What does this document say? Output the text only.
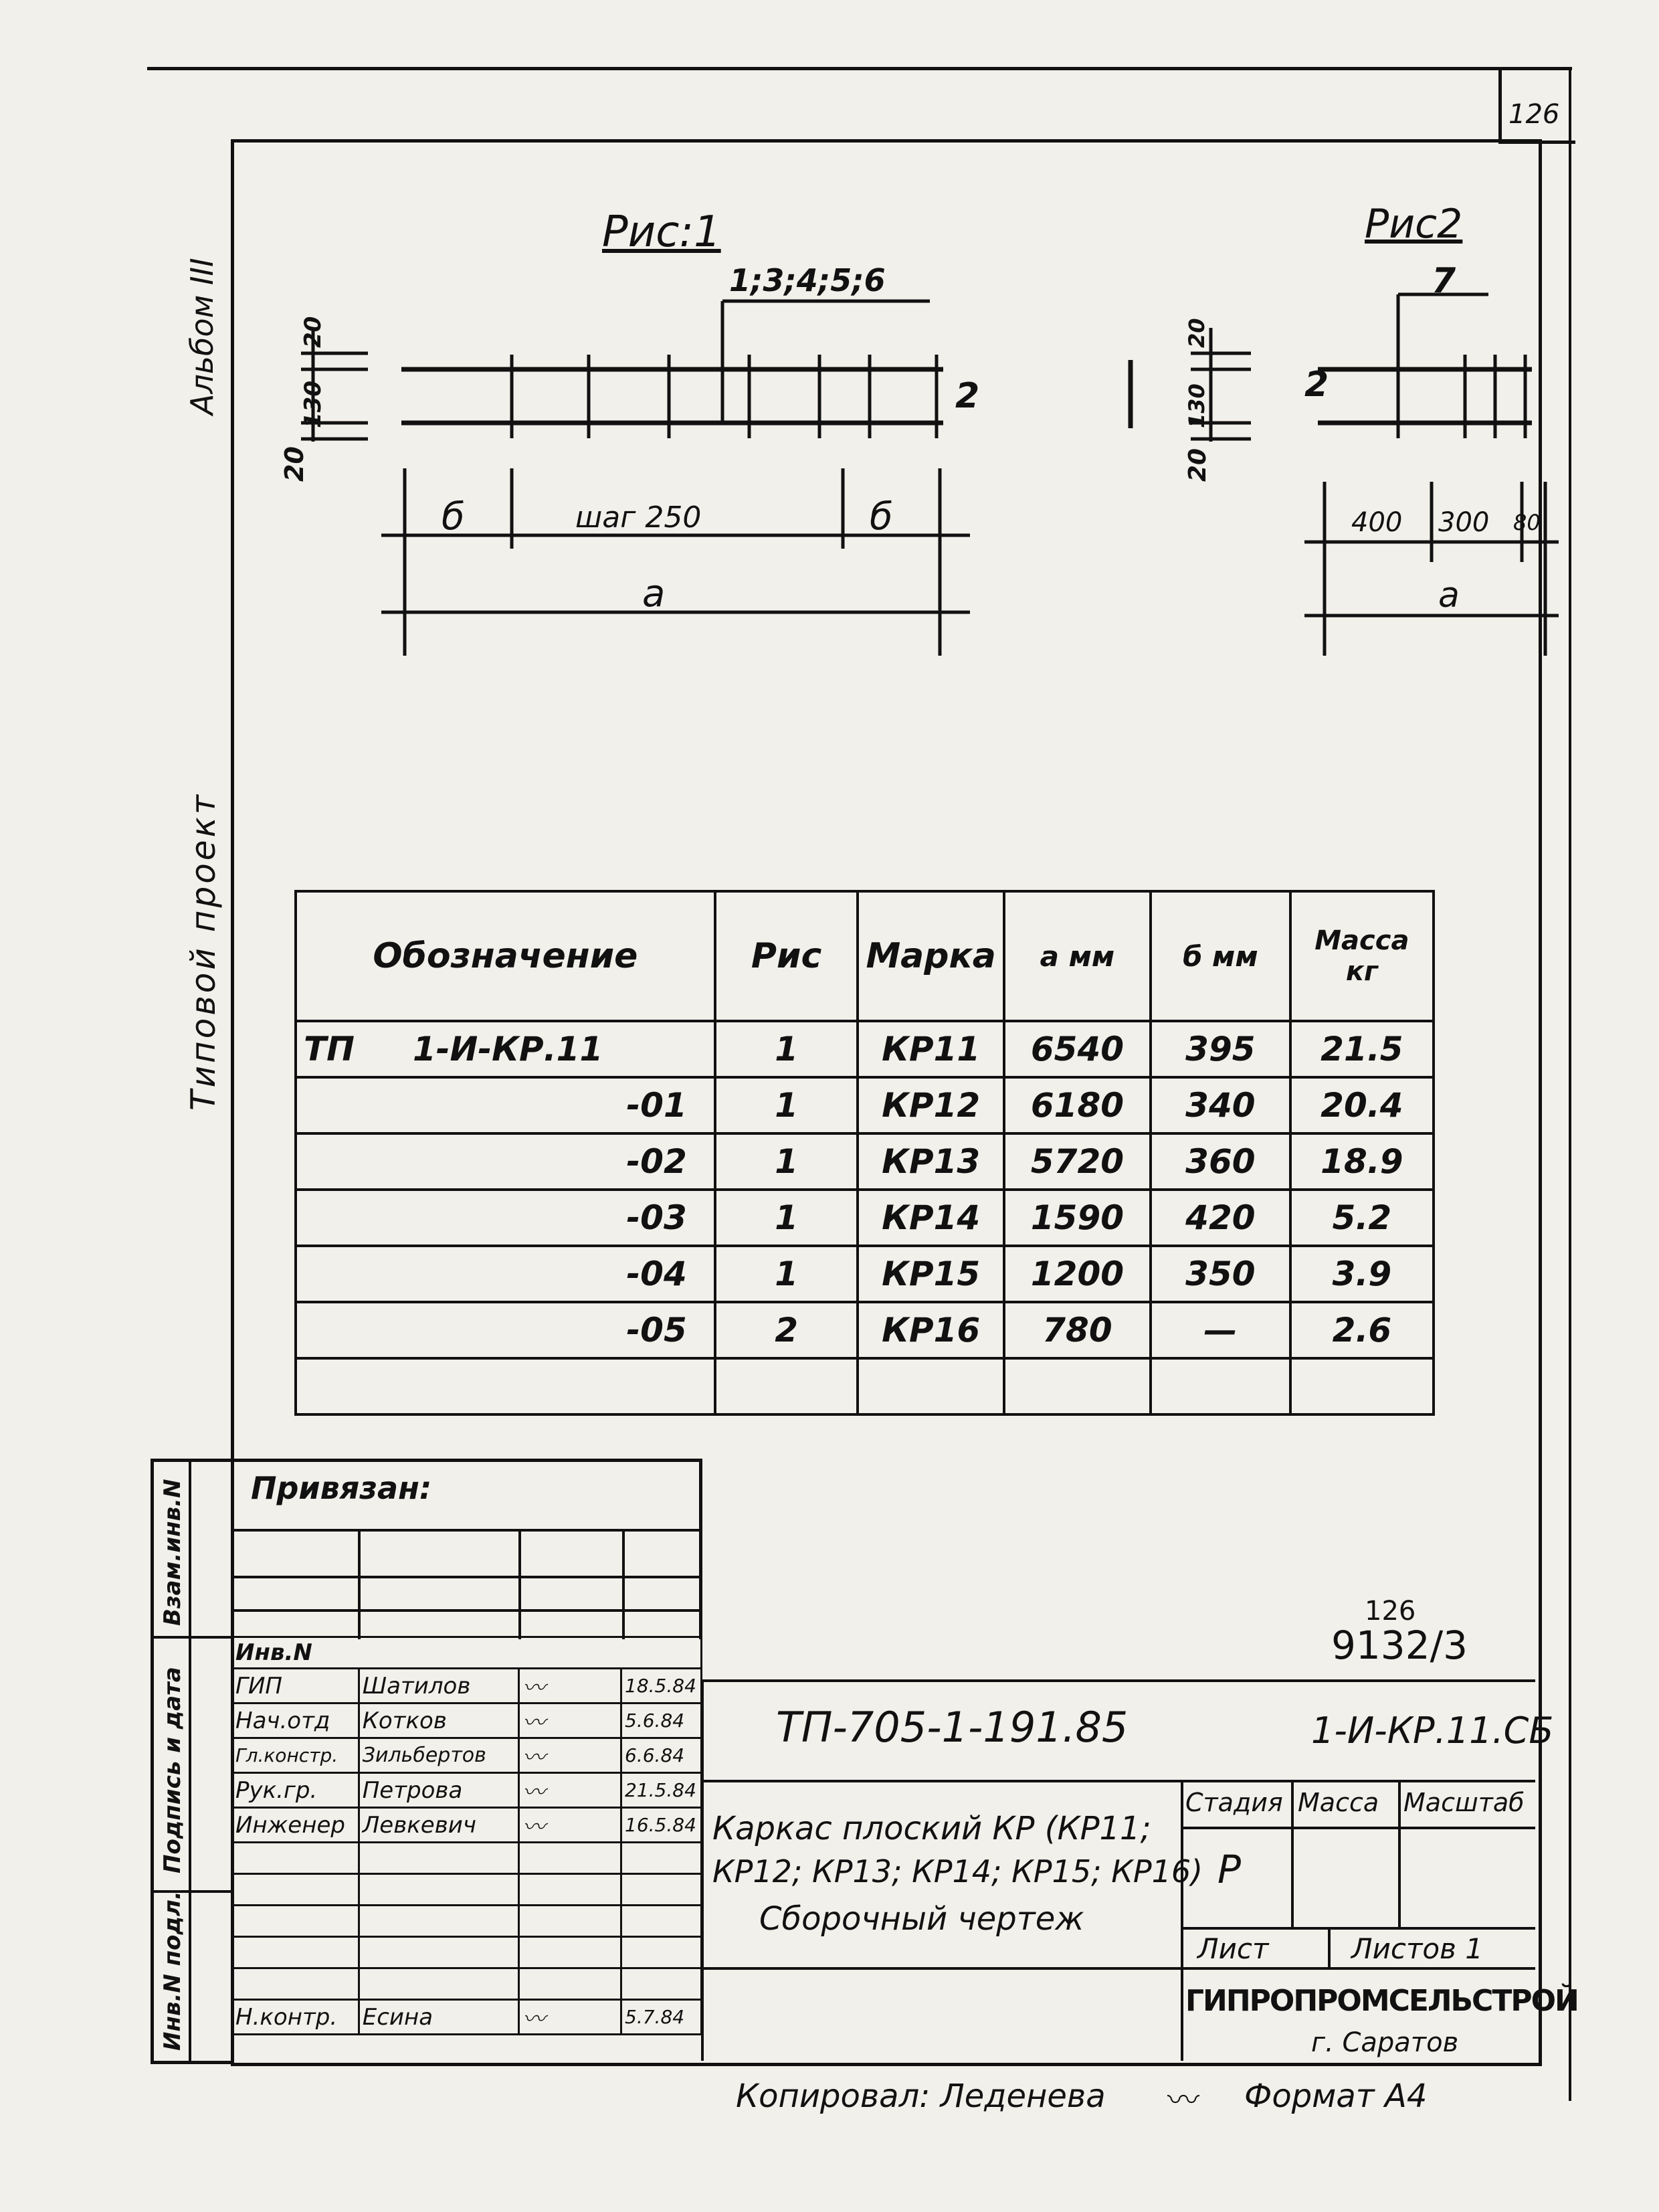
126
Альбом III
Типовой проект
Рис:1
1;3;4;5;6
2
20
130
20
б	шаг 250	б
а
Рис2
7
2
20
130
20
400 300 80
а
Обозначение	Рис	Марка	а мм	б мм	Масса кг
ТП 1-И-КР.11	1	КР11	6540	395	21.5
-01	1	КР12	6180	340	20.4
-02	1	КР13	5720	360	18.9
-03	1	КР14	1590	420	5.2
-04	1	КР15	1200	350	3.9
-05	2	КР16	780	—	2.6

Взам.инв.N
Подпись и дата
Инв.N подл.
Привязан:
Инв.N			
ГИП	Шатилов	〰	18.5.84
Нач.отд	Котков	〰	5.6.84
Гл.констр.	Зильбертов	〰	6.6.84
Рук.гр.	Петрова	〰	21.5.84
Инженер	Левкевич	〰	16.5.84

Н.контр.	Есина	〰	5.7.84
126
9132/3
ТП-705-1-191.85	1-И-КР.11.СБ
Каркас плоский КР (КР11;
КР12; КР13; КР14; КР15; КР16)
Сборочный чертеж
Стадия Масса Масштаб
Р
Лист	Листов 1
ГИПРОПРОМСЕЛЬСТРОЙ
г. Саратов
Копировал: Леденева 〰 Формат А4
